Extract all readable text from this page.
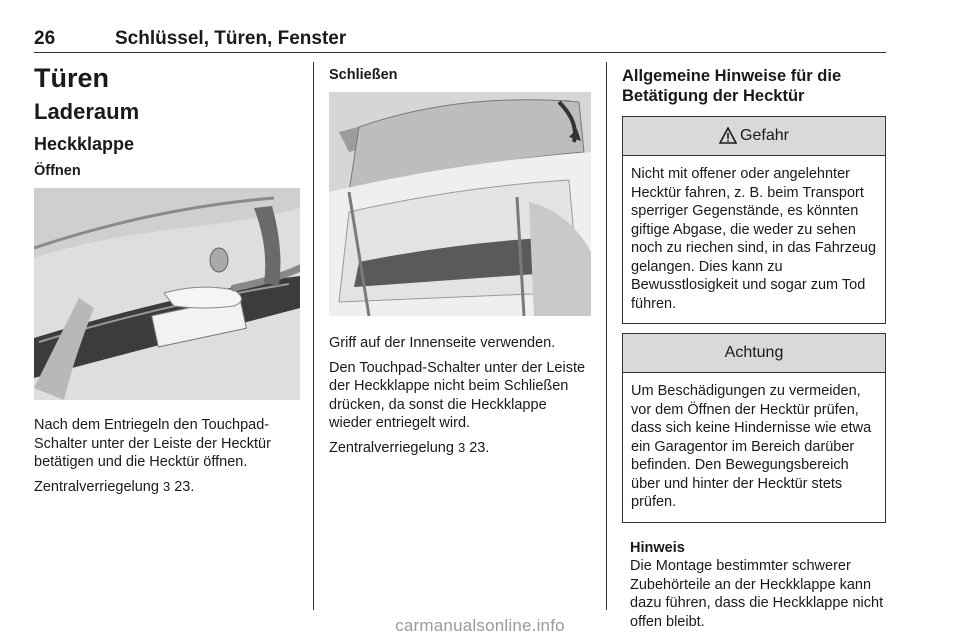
26	Schlüssel, Türen, Fenster
Türen
Laderaum
Heckklappe
Öffnen

Nach dem Entriegeln den Touchpad-Schalter unter der Leiste der Hecktür betätigen und die Hecktür öffnen.

Zentralverriegelung 3 23.

Schließen

Griff auf der Innenseite verwenden.

Den Touchpad-Schalter unter der Leiste der Heckklappe nicht beim Schließen drücken, da sonst die Heckklappe wieder entriegelt wird.

Zentralverriegelung 3 23.

Allgemeine Hinweise für die Betätigung der Hecktür
Gefahr
Nicht mit offener oder angelehnter Hecktür fahren, z. B. beim Transport sperriger Gegenstände, es könnten giftige Abgase, die weder zu sehen noch zu riechen sind, in das Fahrzeug gelangen. Dies kann zu Bewusstlosigkeit und sogar zum Tod führen.
Achtung
Um Beschädigungen zu vermeiden, vor dem Öffnen der Hecktür prüfen, dass sich keine Hindernisse wie etwa ein Garagentor im Bereich darüber befinden. Den Bewegungsbereich über und hinter der Hecktür stets prüfen.
Hinweis
Die Montage bestimmter schwerer Zubehörteile an der Heckklappe kann dazu führen, dass die Heckklappe nicht offen bleibt.
carmanualsonline.info
